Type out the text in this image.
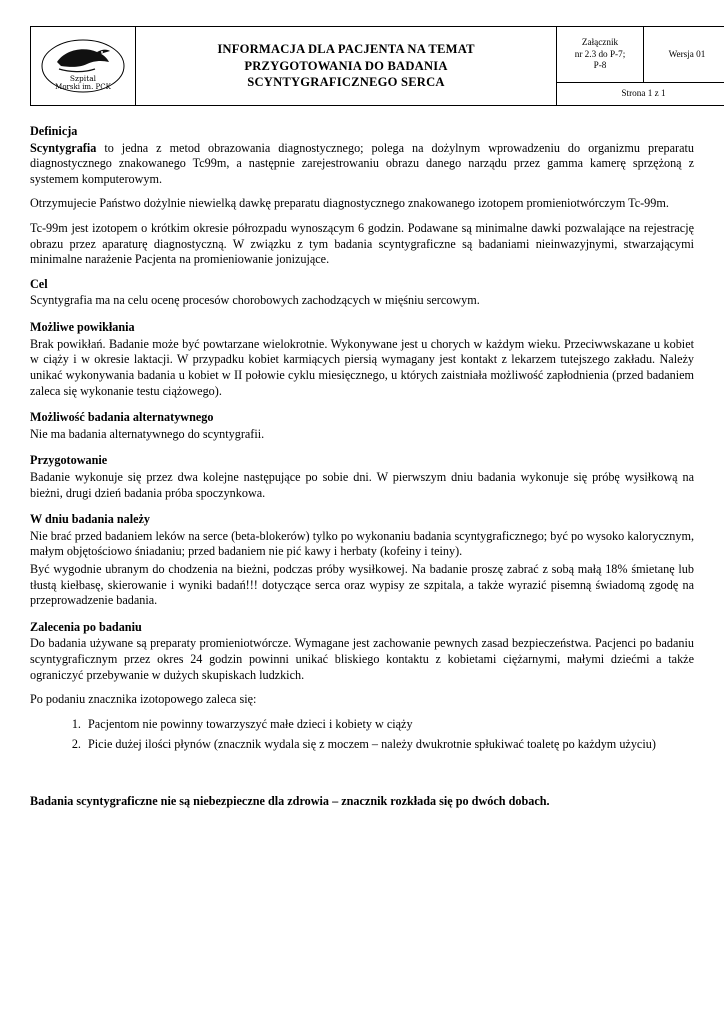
Szpital
Morski im. PCK

INFORMACJA DLA PACJENTA NA TEMAT
PRZYGOTOWANIA DO BADANIA
SCYNTYGRAFICZNEGO SERCA

Załącznik
nr 2.3 do P-7;
P-8
	Wersja 01
Strona 1 z 1
Definicja

Scyntygrafia to jedna z metod obrazowania diagnostycznego; polega na dożylnym wprowadzeniu do organizmu preparatu diagnostycznego znakowanego Tc99m, a następnie zarejestrowaniu obrazu danego narządu przez gamma kamerę sprzężoną z systemem komputerowym.

Otrzymujecie Państwo dożylnie niewielką dawkę preparatu diagnostycznego znakowanego izotopem promieniotwórczym Tc-99m.

Tc-99m jest izotopem o krótkim okresie półrozpadu wynoszącym 6 godzin. Podawane są minimalne dawki pozwalające na rejestrację obrazu przez aparaturę diagnostyczną. W związku z tym badania scyntygraficzne są badaniami nieinwazyjnymi, stwarzającymi minimalne narażenie Pacjenta na promieniowanie jonizujące.

Cel

Scyntygrafia ma na celu ocenę procesów chorobowych zachodzących w mięśniu sercowym.

Możliwe powikłania

Brak powikłań. Badanie może być powtarzane wielokrotnie. Wykonywane jest u chorych w każdym wieku. Przeciwwskazane u kobiet w ciąży i w okresie laktacji. W przypadku kobiet karmiących piersią wymagany jest kontakt z lekarzem tutejszego zakładu. Należy unikać wykonywania badania u kobiet w II połowie cyklu miesięcznego, u których zaistniała możliwość zapłodnienia (przed badaniem zaleca się wykonanie testu ciążowego).

Możliwość badania alternatywnego

Nie ma badania alternatywnego do scyntygrafii.

Przygotowanie

Badanie wykonuje się przez dwa kolejne następujące po sobie dni. W pierwszym dniu badania wykonuje się próbę wysiłkową na bieżni, drugi dzień badania próba spoczynkowa.

W dniu badania należy

Nie brać przed badaniem leków na serce (beta-blokerów) tylko po wykonaniu badania scyntygraficznego; być po wysoko kalorycznym, małym objętościowo śniadaniu; przed badaniem nie pić kawy i herbaty (kofeiny i teiny).

Być wygodnie ubranym do chodzenia na bieżni, podczas próby wysiłkowej. Na badanie proszę zabrać z sobą małą 18% śmietanę lub tłustą kiełbasę, skierowanie i wyniki badań!!! dotyczące serca oraz wypisy ze szpitala, a także wyrazić pisemną świadomą zgodę na przeprowadzenie badania.

Zalecenia po badaniu

Do badania używane są preparaty promieniotwórcze. Wymagane jest zachowanie pewnych zasad bezpieczeństwa. Pacjenci po badaniu scyntygraficznym przez okres 24 godzin powinni unikać bliskiego kontaktu z kobietami ciężarnymi, małymi dziećmi a także ograniczyć przebywanie w dużych skupiskach ludzkich.

Po podaniu znacznika izotopowego zaleca się:

1. Pacjentom nie powinny towarzyszyć małe dzieci i kobiety w ciąży
2. Picie dużej ilości płynów (znacznik wydala się z moczem – należy dwukrotnie spłukiwać toaletę po każdym użyciu)
Badania scyntygraficzne nie są niebezpieczne dla zdrowia – znacznik rozkłada się po dwóch dobach.
